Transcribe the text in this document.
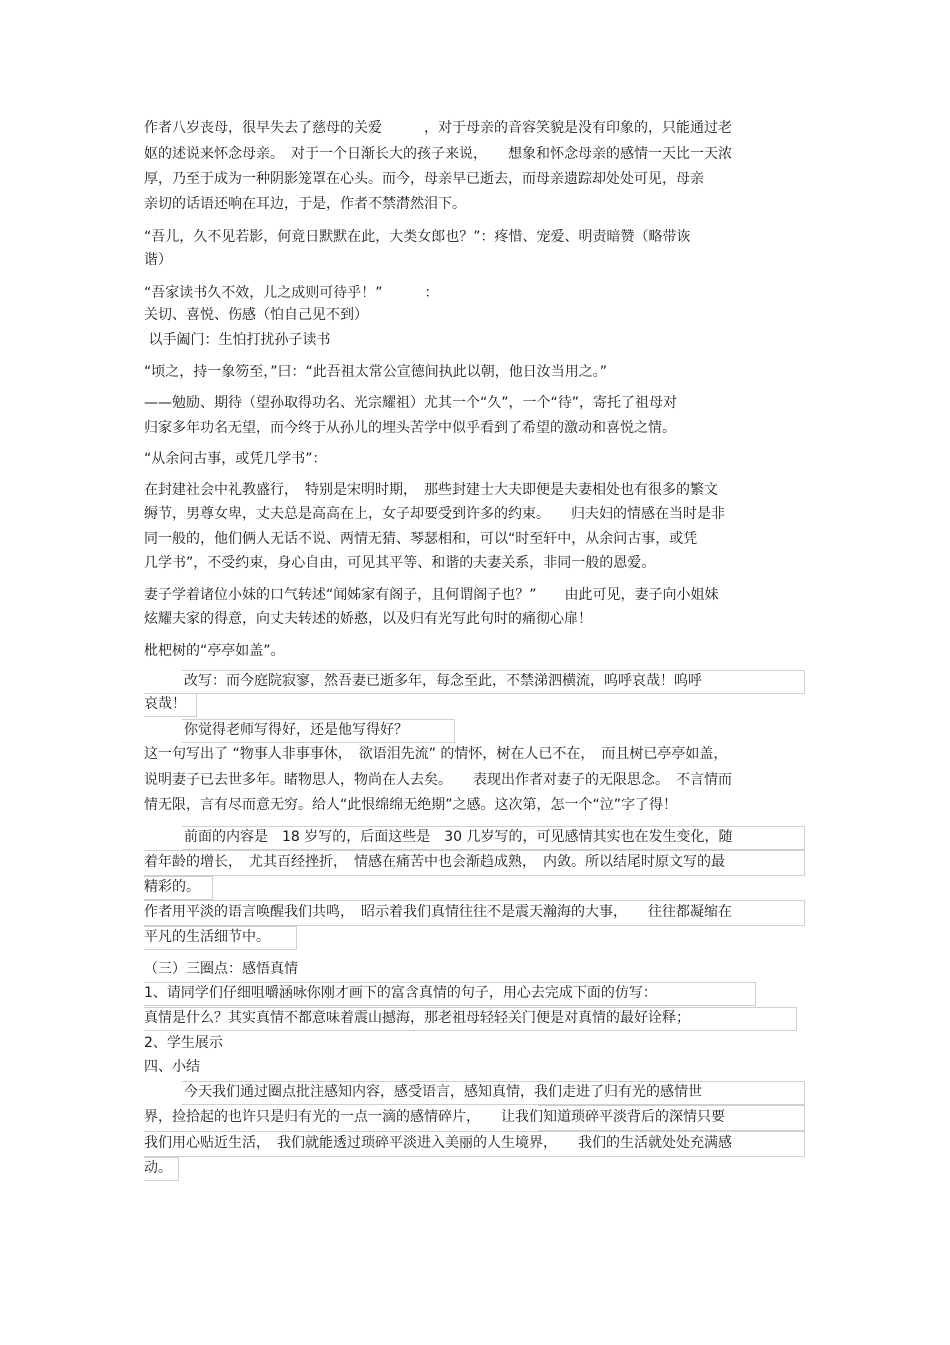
作者八岁丧母，很早失去了慈母的关爱　　　，对于母亲的音容笑貌是没有印象的，只能通过老

妪的述说来怀念母亲。　对于一个日渐长大的孩子来说，　　想象和怀念母亲的感情一天比一天浓

厚，乃至于成为一种阴影笼罩在心头。而今，母亲早已逝去，而母亲遗踪却处处可见，母亲

亲切的话语还响在耳边，于是，作者不禁潸然泪下。

“吾儿，久不见若影，何竟日默默在此，大类女郎也？”：疼惜、宠爱、明责暗赞（略带诙

谐）

“吾家读书久不效，儿之成则可待乎！”　　　：

关切、喜悦、伤感（怕自己见不到）

以手阖门：生怕打扰孙子读书

“顷之，持一象笏至，”曰：“此吾祖太常公宣德间执此以朝，他日汝当用之。”

——勉励、期待（望孙取得功名、光宗耀祖）尤其一个“久”，一个“待”，寄托了祖母对

归家多年功名无望，而今终于从孙儿的埋头苦学中似乎看到了希望的激动和喜悦之情。

“从余问古事，或凭几学书”：

在封建社会中礼教盛行，　特别是宋明时期，　那些封建士大夫即便是夫妻相处也有很多的繁文

缛节，男尊女卑，丈夫总是高高在上，女子却要受到许多的约束。　　归夫妇的情感在当时是非

同一般的，他们俩人无话不说、两情无猜、琴瑟相和，可以“时至轩中，从余问古事，或凭

几学书”，不受约束，身心自由，可见其平等、和谐的夫妻关系，非同一般的恩爱。

妻子学着诸位小妹的口气转述“闻姊家有阁子，且何谓阁子也？”　　由此可见，妻子向小姐妹

炫耀夫家的得意，向丈夫转述的娇憨，以及归有光写此句时的痛彻心扉！

枇杷树的“亭亭如盖”。

改写：而今庭院寂寥，然吾妻已逝多年，每念至此，不禁涕泗横流，呜呼哀哉！呜呼

哀哉！

你觉得老师写得好，还是他写得好？

这一句写出了 “物事人非事事休，　欲语泪先流” 的情怀，树在人已不在，　而且树已亭亭如盖，

说明妻子已去世多年。睹物思人，物尚在人去矣。　　表现出作者对妻子的无限思念。　不言情而

情无限，言有尽而意无穷。给人“此恨绵绵无绝期”之感。这次第，怎一个“泣”字了得！

前面的内容是　18 岁写的，后面这些是　30 几岁写的，可见感情其实也在发生变化，随

着年龄的增长，　尤其百经挫折，　情感在痛苦中也会渐趋成熟，　内敛。所以结尾时原文写的最

精彩的。

作者用平淡的语言唤醒我们共鸣，　昭示着我们真情往往不是震天瀚海的大事，　　往往都凝缩在

平凡的生活细节中。

（三）三圈点：感悟真情

1、请同学们仔细咀嚼涵咏你刚才画下的富含真情的句子，用心去完成下面的仿写：

真情是什么？其实真情不都意味着震山撼海，那老祖母轻轻关门便是对真情的最好诠释；

2、学生展示

四、小结

今天我们通过圈点批注感知内容，感受语言，感知真情，我们走进了归有光的感情世

界，捡拾起的也许只是归有光的一点一滴的感情碎片，　　让我们知道琐碎平淡背后的深情只要

我们用心贴近生活，　我们就能透过琐碎平淡进入美丽的人生境界，　　我们的生活就处处充满感

动。
